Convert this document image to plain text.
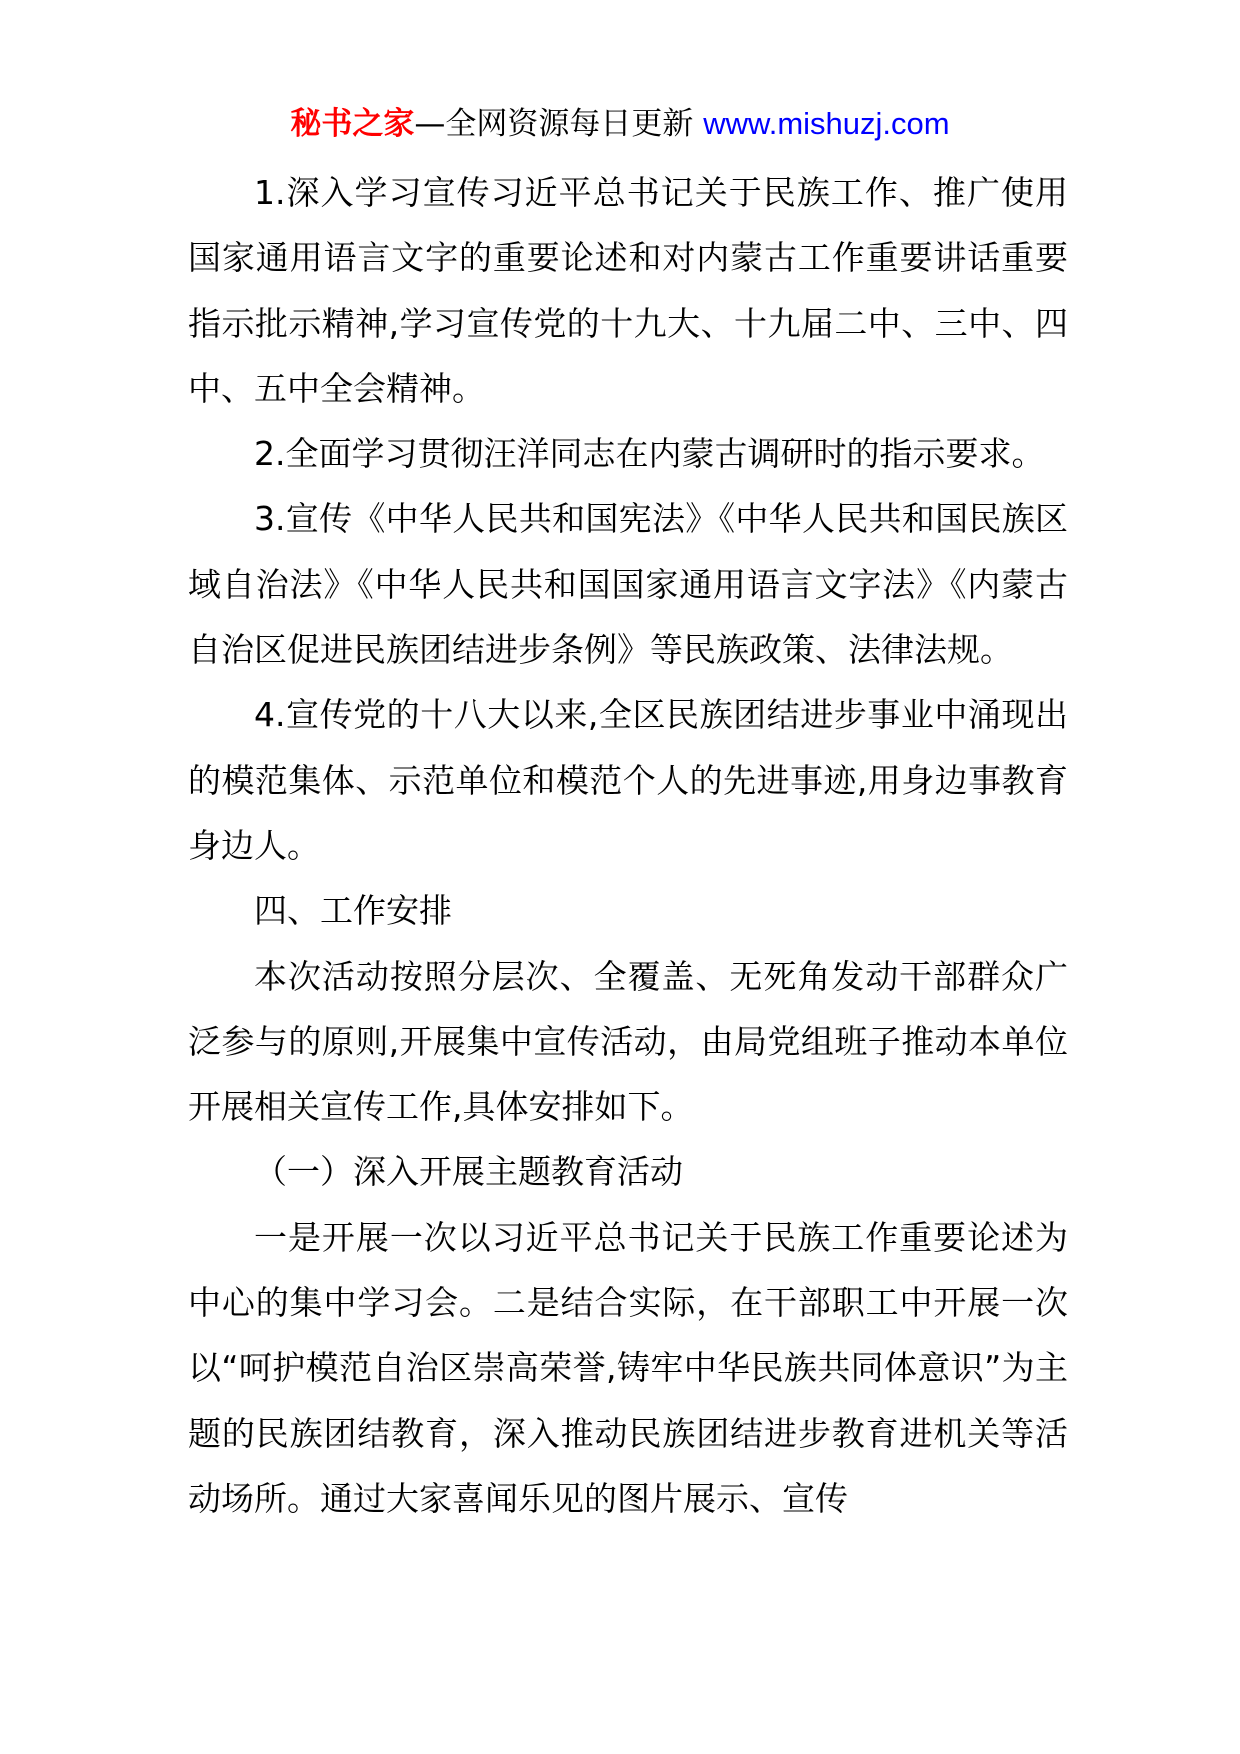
秘书之家—全网资源每日更新 www.mishuzj.com

1.深入学习宣传习近平总书记关于民族工作、推广使用国家通用语言文字的重要论述和对内蒙古工作重要讲话重要指示批示精神,学习宣传党的十九大、十九届二中、三中、四中、五中全会精神。

2.全面学习贯彻汪洋同志在内蒙古调研时的指示要求。

3.宣传《中华人民共和国宪法》《中华人民共和国民族区域自治法》《中华人民共和国国家通用语言文字法》《内蒙古自治区促进民族团结进步条例》等民族政策、法律法规。

4.宣传党的十八大以来,全区民族团结进步事业中涌现出的模范集体、示范单位和模范个人的先进事迹,用身边事教育身边人。

四、工作安排

本次活动按照分层次、全覆盖、无死角发动干部群众广泛参与的原则,开展集中宣传活动，由局党组班子推动本单位开展相关宣传工作,具体安排如下。

（一）深入开展主题教育活动

一是开展一次以习近平总书记关于民族工作重要论述为中心的集中学习会。二是结合实际，在干部职工中开展一次以“呵护模范自治区崇高荣誉,铸牢中华民族共同体意识”为主题的民族团结教育，深入推动民族团结进步教育进机关等活动场所。通过大家喜闻乐见的图片展示、宣传
